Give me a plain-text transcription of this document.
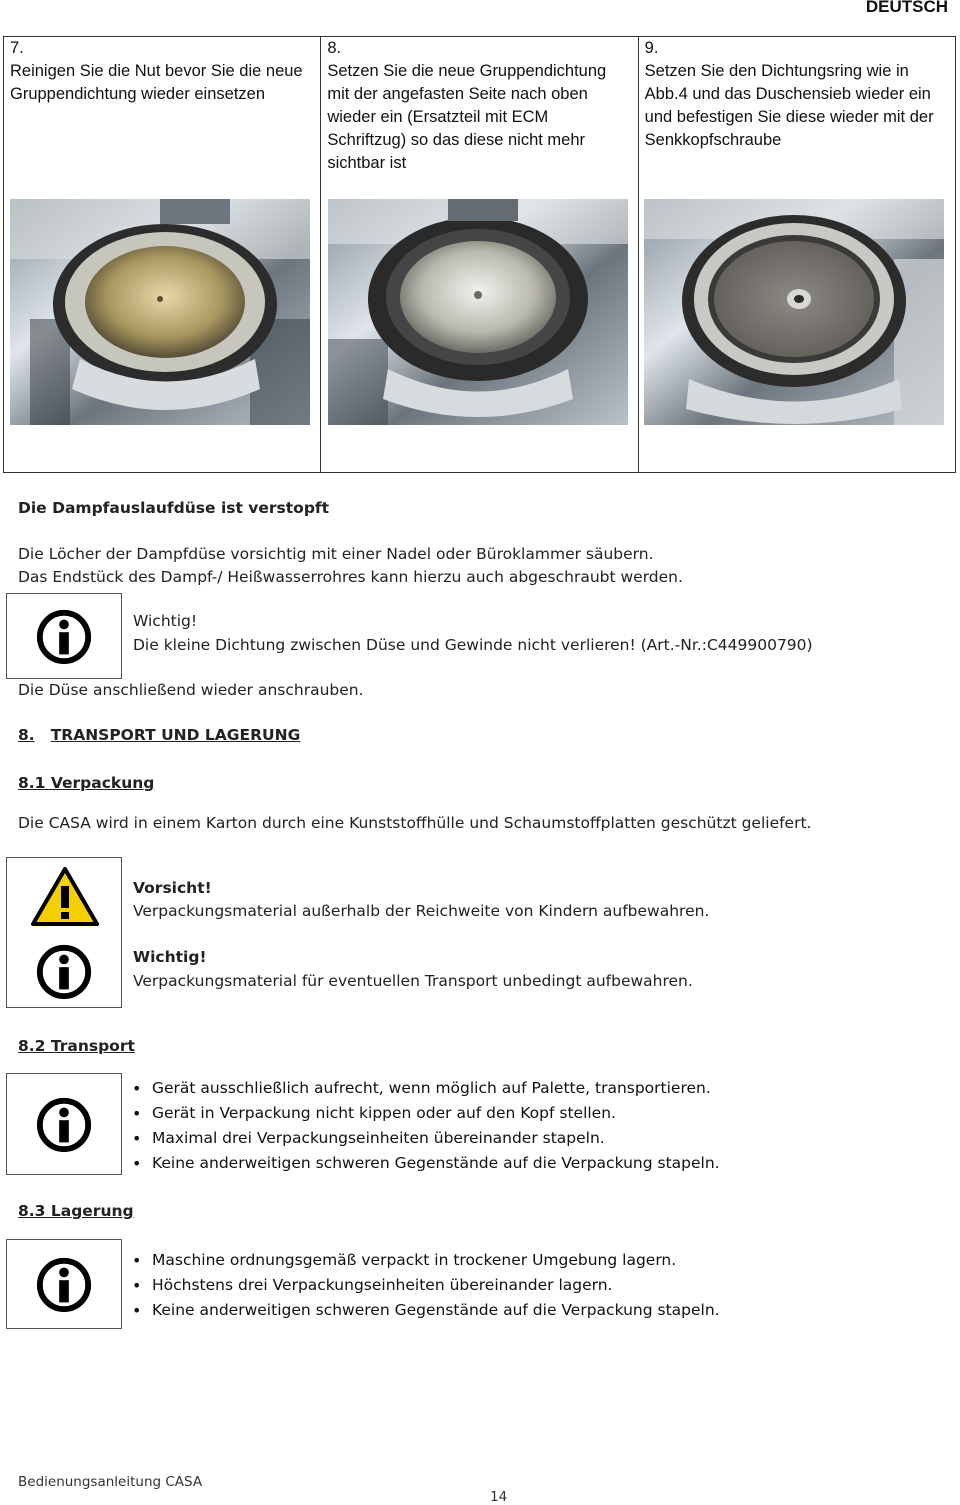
DEUTSCH
7.
Reinigen Sie die Nut bevor Sie die neue Gruppendichtung wieder einsetzen
8.
Setzen Sie die neue Gruppendichtung mit der angefasten Seite nach oben wieder ein (Ersatzteil mit ECM Schriftzug) so das diese nicht mehr sichtbar ist
9.
Setzen Sie den Dichtungsring wie in Abb.4 und das Duschensieb wieder ein und befestigen Sie diese wieder mit der Senkkopfschraube
Die Dampfauslaufdüse ist verstopft
Die Löcher der Dampfdüse vorsichtig mit einer Nadel oder Büroklammer säubern.
Das Endstück des Dampf-/ Heißwasserrohres kann hierzu auch abgeschraubt werden.
Wichtig!
Die kleine Dichtung zwischen Düse und Gewinde nicht verlieren! (Art.-Nr.:C449900790)
Die Düse anschließend wieder anschrauben.
8. TRANSPORT UND LAGERUNG
8.1 Verpackung
Die CASA wird in einem Karton durch eine Kunststoffhülle und Schaumstoffplatten geschützt geliefert.
Vorsicht!
Verpackungsmaterial außerhalb der Reichweite von Kindern aufbewahren.
Wichtig!
Verpackungsmaterial für eventuellen Transport unbedingt aufbewahren.
8.2 Transport
• Gerät ausschließlich aufrecht, wenn möglich auf Palette, transportieren.
• Gerät in Verpackung nicht kippen oder auf den Kopf stellen.
• Maximal drei Verpackungseinheiten übereinander stapeln.
• Keine anderweitigen schweren Gegenstände auf die Verpackung stapeln.
8.3 Lagerung
• Maschine ordnungsgemäß verpackt in trockener Umgebung lagern.
• Höchstens drei Verpackungseinheiten übereinander lagern.
• Keine anderweitigen schweren Gegenstände auf die Verpackung stapeln.
Bedienungsanleitung CASA
14
